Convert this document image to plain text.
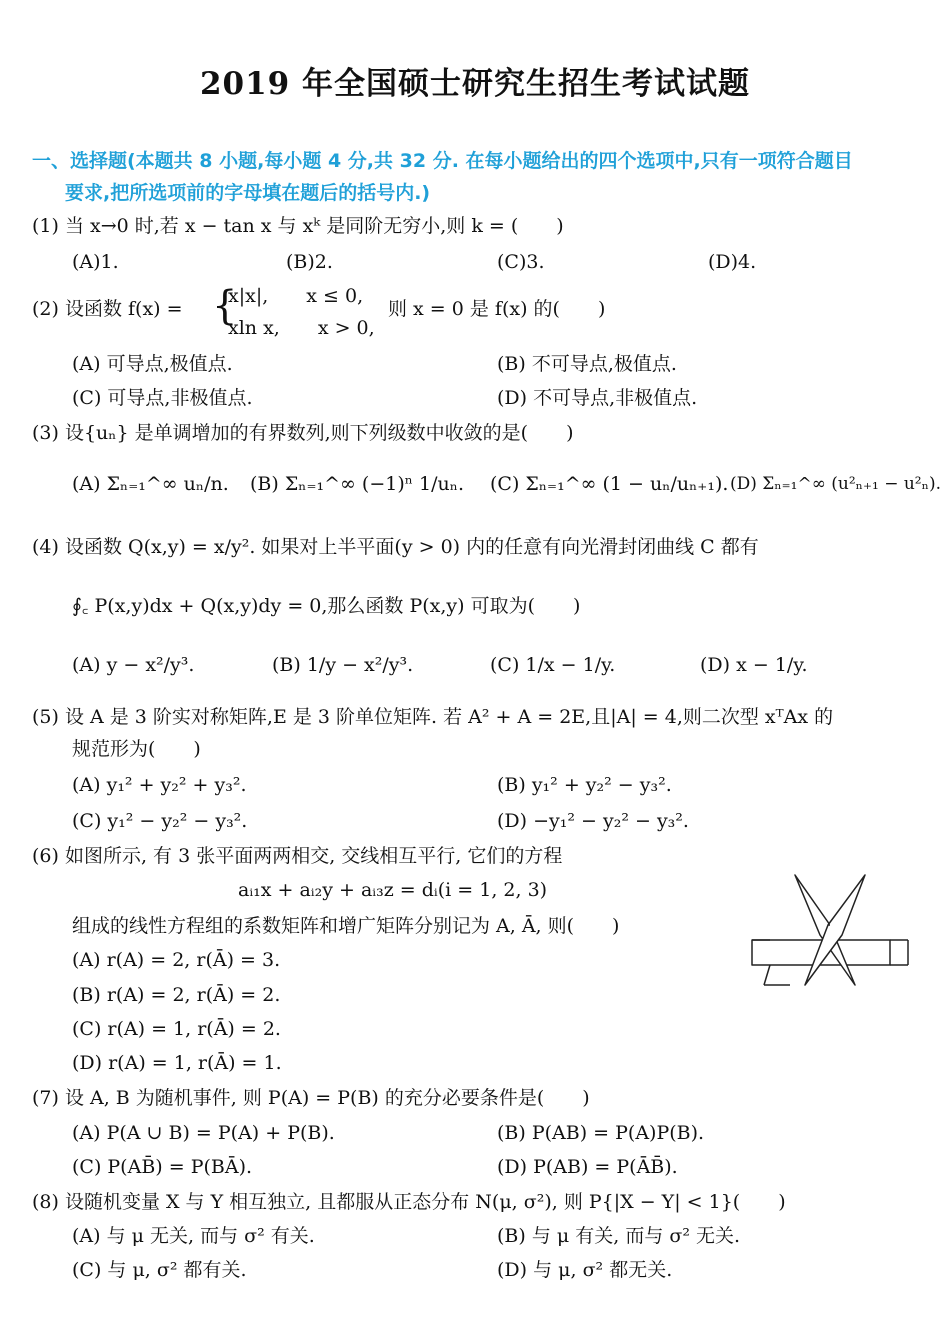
2019 年全国硕士研究生招生考试试题
一、选择题(本题共 8 小题,每小题 4 分,共 32 分. 在每小题给出的四个选项中,只有一项符合题目
要求,把所选项前的字母填在题后的括号内.)
(1) 当 x→0 时,若 x − tan x 与 xᵏ 是同阶无穷小,则 k = (　　)
(A)1.	(B)2.	(C)3.	(D)4.
(2) 设函数 f(x) = {
x|x|,　　x ≤ 0,
xln x,　　x > 0,
则 x = 0 是 f(x) 的(　　)
(A) 可导点,极值点.	(B) 不可导点,极值点.
(C) 可导点,非极值点.	(D) 不可导点,非极值点.
(3) 设{uₙ} 是单调增加的有界数列,则下列级数中收敛的是(　　)
(A) Σₙ₌₁^∞ uₙ/n. (B) Σₙ₌₁^∞ (−1)ⁿ 1/uₙ. (C) Σₙ₌₁^∞ (1 − uₙ/uₙ₊₁). (D) Σₙ₌₁^∞ (u²ₙ₊₁ − u²ₙ).
(4) 设函数 Q(x,y) = x/y². 如果对上半平面(y > 0) 内的任意有向光滑封闭曲线 C 都有
∮꜀ P(x,y)dx + Q(x,y)dy = 0,那么函数 P(x,y) 可取为(　　)
(A) y − x²/y³.	(B) 1/y − x²/y³.	(C) 1/x − 1/y.	(D) x − 1/y.
(5) 设 A 是 3 阶实对称矩阵,E 是 3 阶单位矩阵. 若 A² + A = 2E,且|A| = 4,则二次型 xᵀAx 的
规范形为(　　)
(A) y₁² + y₂² + y₃².	(B) y₁² + y₂² − y₃².
(C) y₁² − y₂² − y₃².	(D) −y₁² − y₂² − y₃².
(6) 如图所示, 有 3 张平面两两相交, 交线相互平行, 它们的方程
aᵢ₁x + aᵢ₂y + aᵢ₃z = dᵢ(i = 1, 2, 3)
组成的线性方程组的系数矩阵和增广矩阵分别记为 A, Ā, 则(　　)
(A) r(A) = 2, r(Ā) = 3.
(B) r(A) = 2, r(Ā) = 2.
(C) r(A) = 1, r(Ā) = 2.
(D) r(A) = 1, r(Ā) = 1.
(7) 设 A, B 为随机事件, 则 P(A) = P(B) 的充分必要条件是(　　)
(A) P(A ∪ B) = P(A) + P(B).	(B) P(AB) = P(A)P(B).
(C) P(AB̄) = P(BĀ).	(D) P(AB) = P(ĀB̄).
(8) 设随机变量 X 与 Y 相互独立, 且都服从正态分布 N(μ, σ²), 则 P{|X − Y| < 1}(　　)
(A) 与 μ 无关, 而与 σ² 有关.	(B) 与 μ 有关, 而与 σ² 无关.
(C) 与 μ, σ² 都有关.	(D) 与 μ, σ² 都无关.
